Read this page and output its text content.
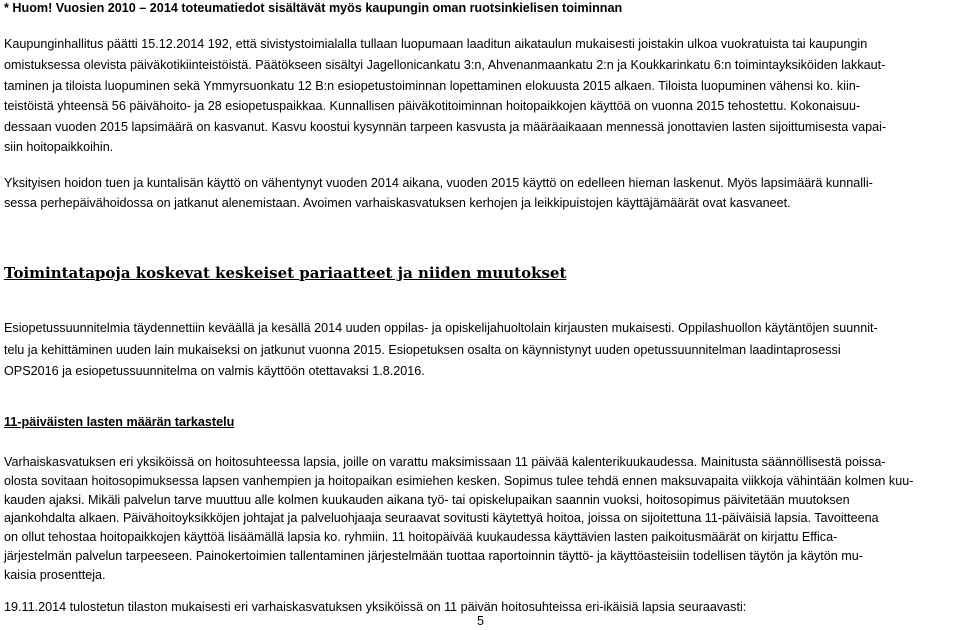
* Huom! Vuosien 2010 – 2014 toteumatiedot sisältävät myös kaupungin oman ruotsinkielisen toiminnan
Kaupunginhallitus päätti 15.12.2014 192, että sivistystoimialalla tullaan luopumaan laaditun aikataulun mukaisesti joistakin ulkoa vuokratuista tai kaupungin
omistuksessa olevista päiväkotikiinteistöistä. Päätökseen sisältyi Jagellonicankatu 3:n, Ahvenanmaankatu 2:n ja Koukkarinkatu 6:n toimintayksiköiden lakkaut-
taminen ja tiloista luopuminen sekä Ymmyrsuonkatu 12 B:n esiopetustoiminnan lopettaminen elokuusta 2015 alkaen. Tiloista luopuminen vähensi ko. kiin-
teistöistä yhteensä 56 päivähoito- ja 28 esiopetuspaikkaa. Kunnallisen päiväkotitoiminnan hoitopaikkojen käyttöä on vuonna 2015 tehostettu. Kokonaisuu-
dessaan vuoden 2015 lapsimäärä on kasvanut. Kasvu koostui kysynnän tarpeen kasvusta ja määräaikaaan mennessä jonottavien lasten sijoittumisesta vapai-
siin hoitopaikkoihin.
Yksityisen hoidon tuen ja kuntalisän käyttö on vähentynyt vuoden 2014 aikana, vuoden 2015 käyttö on edelleen hieman laskenut. Myös lapsimäärä kunnalli-
sessa perhepäivähoidossa on jatkanut alenemistaan. Avoimen varhaiskasvatuksen kerhojen ja leikkipuistojen käyttäjämäärät ovat kasvaneet.
Toimintatapoja koskevat keskeiset pariaatteet ja niiden muutokset
Esiopetussuunnitelmia täydennettiin keväällä ja kesällä 2014 uuden oppilas- ja opiskelijahuoltolain kirjausten mukaisesti. Oppilashuollon käytäntöjen suunnit-
telu ja kehittäminen uuden lain mukaiseksi on jatkunut vuonna 2015. Esiopetuksen osalta on käynnistynyt uuden opetussuunnitelman laadintaprosessi
OPS2016 ja esiopetussuunnitelma on valmis käyttöön otettavaksi 1.8.2016.
11-päiväisten lasten määrän tarkastelu
Varhaiskasvatuksen eri yksiköissä on hoitosuhteessa lapsia, joille on varattu maksimissaan 11 päivää kalenterikuukaudessa. Mainitusta säännöllisestä poissa-
olosta sovitaan hoitosopimuksessa lapsen vanhempien ja hoitopaikan esimiehen kesken. Sopimus tulee tehdä ennen maksuvapaita viikkoja vähintään kolmen kuu-
kauden ajaksi. Mikäli palvelun tarve muuttuu alle kolmen kuukauden aikana työ- tai opiskelupaikan saannin vuoksi, hoitosopimus päivitetään muutoksen
ajankohdalta alkaen. Päivähoitoyksikköjen johtajat ja palveluohjaaja seuraavat sovitusti käytettyä hoitoa, joissa on sijoitettuna 11-päiväisiä lapsia. Tavoitteena
on ollut tehostaa hoitopaikkojen käyttöä lisäämällä lapsia ko. ryhmiin. 11 hoitopäivää kuukaudessa käyttävien lasten paikoitusmäärät on kirjattu Effica-
järjestelmän palvelun tarpeeseen. Painokertoimien tallentaminen järjestelmään tuottaa raportoinnin täyttö- ja käyttöasteisiin todellisen täytön ja käytön mu-
kaisia prosentteja.
19.11.2014 tulostetun tilaston mukaisesti eri varhaiskasvatuksen yksiköissä on 11 päivän hoitosuhteissa eri-ikäisiä lapsia seuraavasti:
5
